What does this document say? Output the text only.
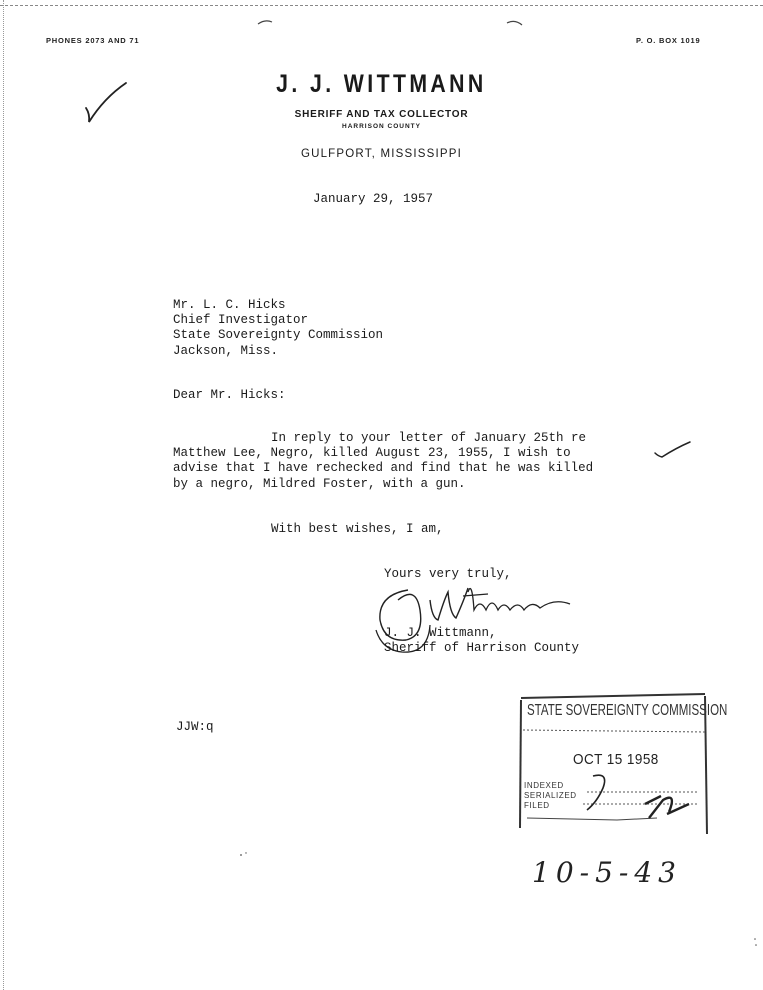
PHONES 2073 AND 71	P. O. BOX 1019
J. J. WITTMANN
SHERIFF AND TAX COLLECTOR
HARRISON COUNTY
GULFPORT, MISSISSIPPI
January 29, 1957
Mr. L. C. Hicks
Chief Investigator
State Sovereignty Commission
Jackson, Miss.
Dear Mr. Hicks:
In reply to your letter of January 25th re
Matthew Lee, Negro, killed August 23, 1955, I wish to
advise that I have rechecked and find that he was killed
by a negro, Mildred Foster, with a gun.
With best wishes, I am,
Yours very truly,
J. J. Wittmann,
Sheriff of Harrison County
JJW:q
STATE SOVEREIGNTY COMMISSION
OCT 15 1958
INDEXED
SERIALIZED
FILED
10-5-43
